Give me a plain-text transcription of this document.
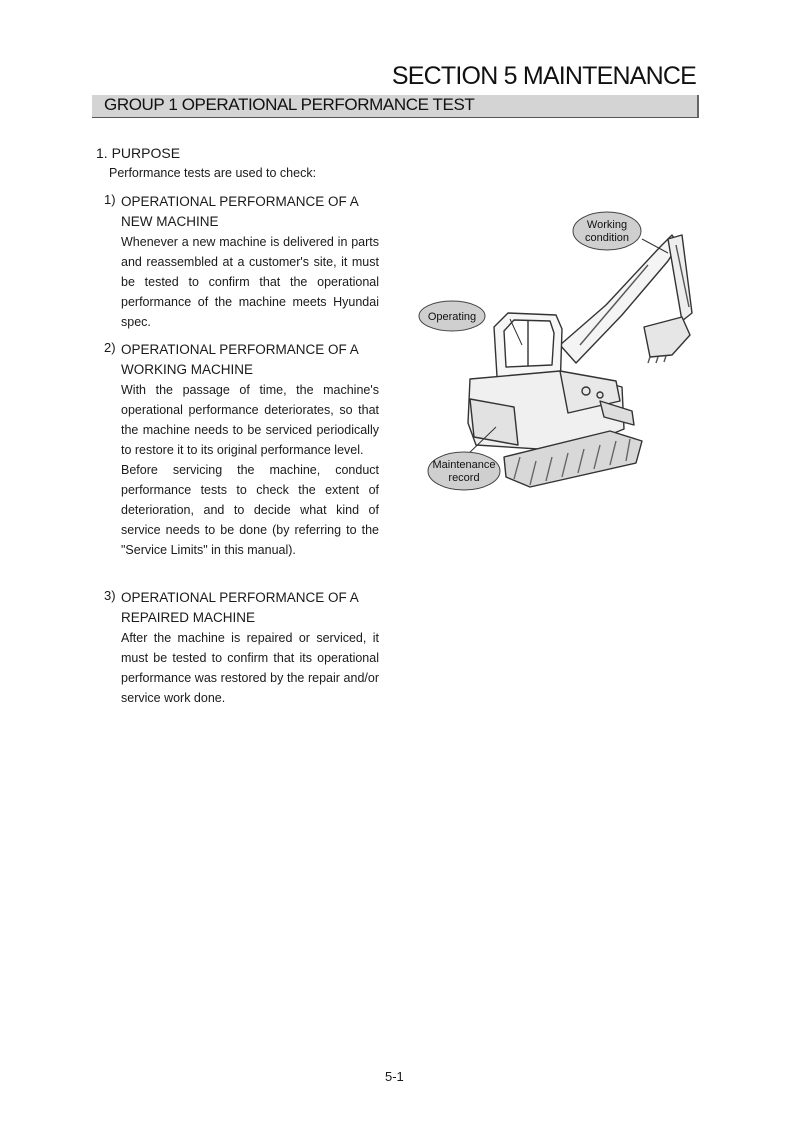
SECTION 5 MAINTENANCE
GROUP 1 OPERATIONAL PERFORMANCE TEST
1. PURPOSE
Performance tests are used to check:
1) OPERATIONAL PERFORMANCE OF A NEW MACHINE

Whenever a new machine is delivered in parts and reassembled at a customer's site, it must be tested to confirm that the operational performance of the machine meets Hyundai spec.

2) OPERATIONAL PERFORMANCE OF A WORKING MACHINE

With the passage of time, the machine's operational performance deteriorates, so that the machine needs to be serviced periodically to restore it to its original performance level.

Before servicing the machine, conduct performance tests to check the extent of deterioration, and to decide what kind of service needs to be done (by referring to the "Service Limits" in this manual).

3) OPERATIONAL PERFORMANCE OF A REPAIRED MACHINE

After the machine is repaired or serviced, it must be tested to confirm that its operational performance was restored by the repair and/or service work done.

Working
condition
Operating
Maintenance
record
5-1
